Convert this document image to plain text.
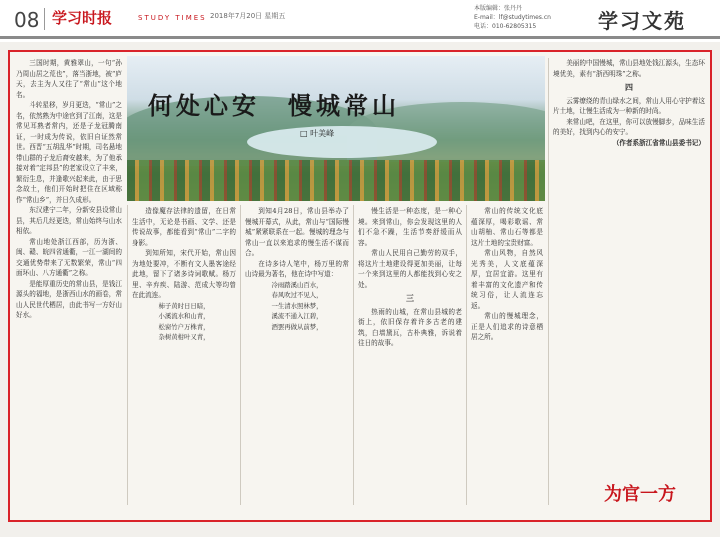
08 学习时报	STUDY TIMES 2018年7月20日 星期五
本版编辑：张丹丹
E-mail：lf@studytimes.cn
电话：010-62805315	学习文苑
何处心安　慢城常山
□ 叶美峰

三国时期，黄雅翠山，一句“孙乃周山居之荒也”，落当浙地，被“庐天，去主为人又往了“常山”这个地名。

斗转星移，岁月更迭，“常山”之名，依然熟为中途官到了江南，这是常见耳熟者常内，还是子龙冠腾南证，一时成为传说，依旧自证然常世。西晋“五胡乱华”时期，司名悬地带山群的子龙后裔安越来，为了他承接对着“定邦县”的老家设立了丰来，繁衍生息，并逢歌兴起来此，由于思念故土，他们开始时把住在区域称作“常山乡”，并日久成形。

东汉建宁二年，分新安县设常山县，其后几经更迭，常山始终与山水相依。

常山地处浙江西部，历为浙、闽、赣、皖四省通衢，一江一湖间的交通优势带来了无数繁荣，常山“四面环山、八方通衢”之称。

是能厚重历史的常山县，是钱江源头的福地，是浙西山水的画卷，常山人民世代栖居，由此书写一方好山好水。

造像魔存法律的遗留，在日常生活中，无论是书画、文学、还是传说故事，都能看到“常山”二字的身影。

到知所知，宋代开始，常山因为地处要冲，不断有文人墨客途经此地，留下了诸多诗词歌赋。杨万里、辛弃疾、陆游、范成大等均曾在此流连。

柿子黄时日日暗，

小溪流水和山青，

松窗竹户万株青，

杂树黄柑叶又青，

到知4月28日，常山县举办了慢城开幕式，从此，常山与“国际慢城”紧紧联系在一起。慢城的理念与常山一直以来追求的慢生活不谋而合。

在诗多诗人笔中，杨万里的常山诗最为著名，他在诗中写道：

冷雨踏溪山百水，

春风吹过不见人，

一生清水照林梦，

溪流不通入江碧，

酒罢再做从前梦，

慢生活是一种态度，是一种心境。来到常山，你会发现这里的人们不急不躁，生活节奏舒缓而从容。

常山人民用自己勤劳的双手，将这片土地建设得更加美丽，让每一个来到这里的人都能找到心安之处。

三

热雨的山城，在常山县城的老街上，依旧保存着许多古老的建筑，白墙黛瓦，古朴典雅，诉说着往日的故事。

常山的传统文化底蕴深厚，喝彩歌谣、常山胡柚、常山石等都是这片土地的宝贵财富。

常山风物，自然风光秀美，人文底蕴深厚，宜居宜游。这里有着丰富的文化遗产和传统习俗，让人流连忘返。

常山的慢城理念，正是人们追求的诗意栖居之所。

美丽的中国慢城，常山县地处钱江源头，生态环境优美，素有“浙西明珠”之称。

四

云雾缭绕的青山绿水之间，常山人用心守护着这片土地，让慢生活成为一种新的时尚。

来常山吧，在这里，你可以放慢脚步，品味生活的美好，找到内心的安宁。

（作者系浙江省常山县委书记）

为官一方
